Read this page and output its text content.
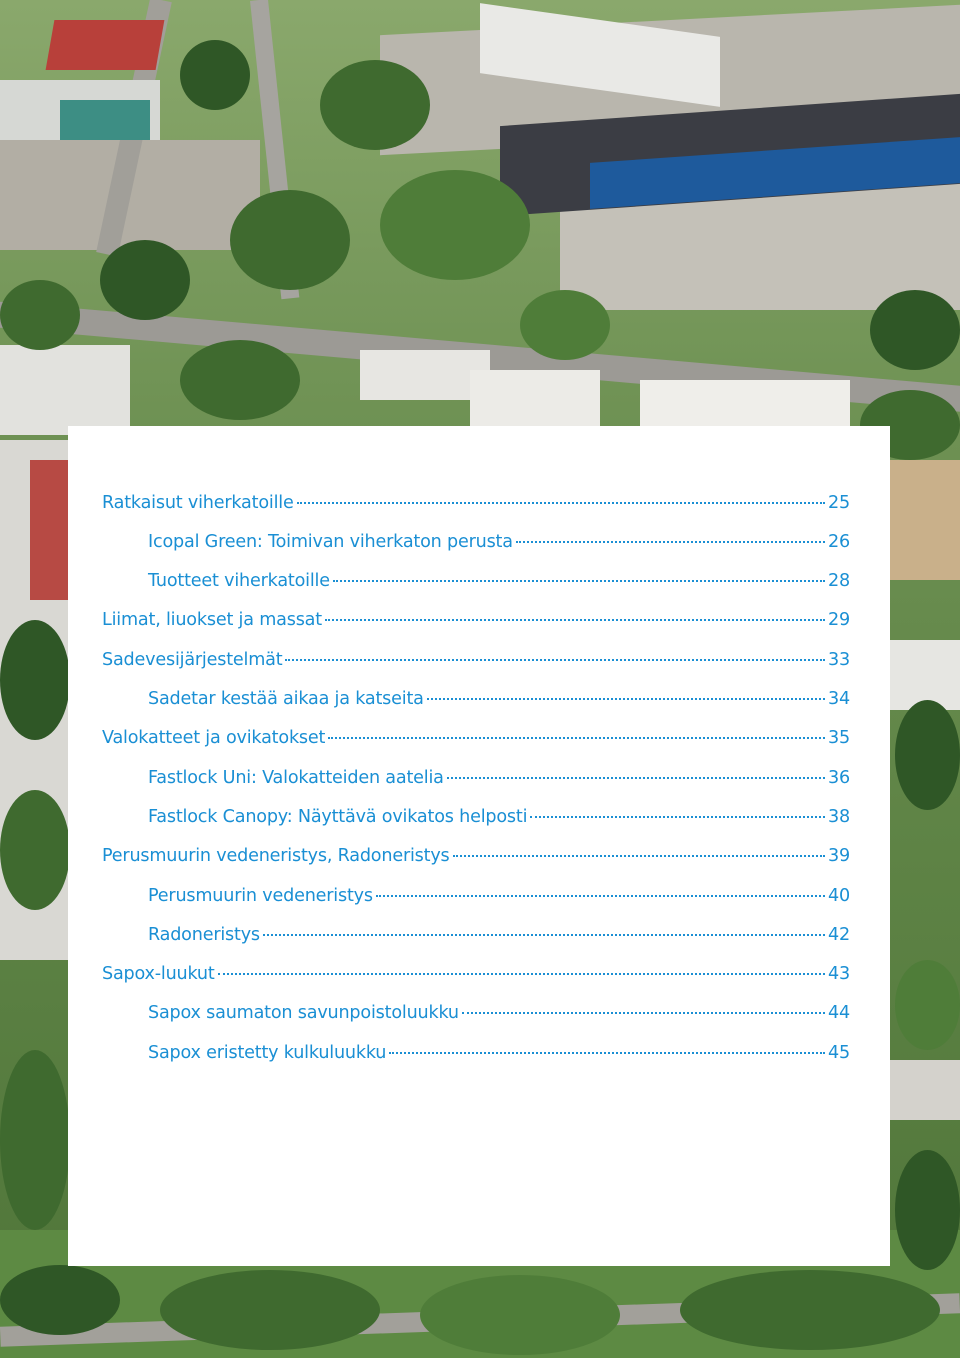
Ratkaisut viherkatoille	25
Icopal Green: Toimivan viherkaton perusta	26
Tuotteet viherkatoille	28
Liimat, liuokset ja massat	29
Sadevesijärjestelmät	33
Sadetar kestää aikaa ja katseita	34
Valokatteet ja ovikatokset	35
Fastlock Uni: Valokatteiden aatelia	36
Fastlock Canopy: Näyttävä ovikatos helposti	38
Perusmuurin vedeneristys, Radoneristys	39
Perusmuurin vedeneristys	40
Radoneristys	42
Sapox-luukut	43
Sapox saumaton savunpoistoluukku	44
Sapox eristetty kulkuluukku	45
